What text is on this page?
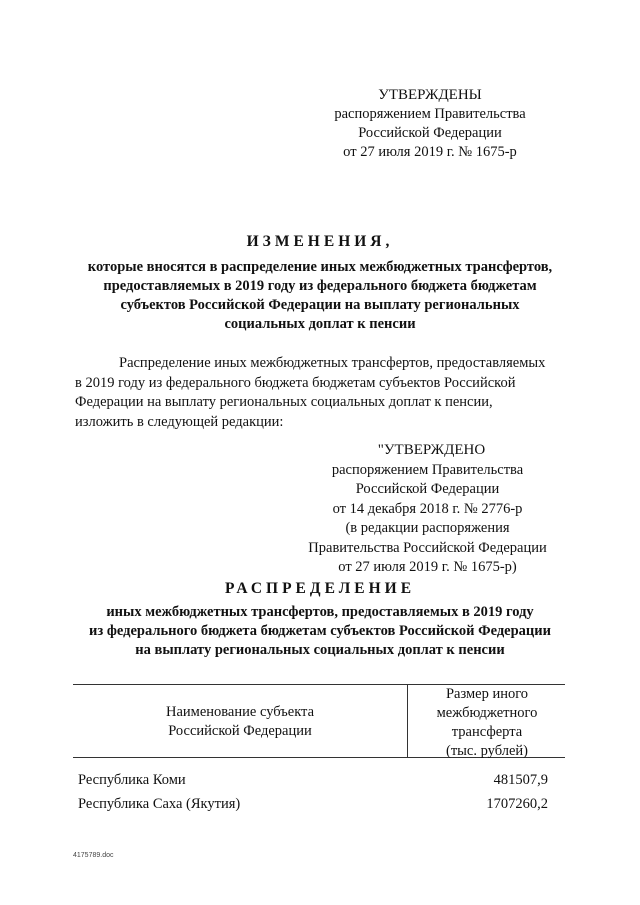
УТВЕРЖДЕНЫ
распоряжением Правительства
Российской Федерации
от 27 июля 2019 г. № 1675-р
ИЗМЕНЕНИЯ,
которые вносятся в распределение иных межбюджетных трансфертов,
предоставляемых в 2019 году из федерального бюджета бюджетам
субъектов Российской Федерации на выплату региональных
социальных доплат к пенсии
Распределение иных межбюджетных трансфертов, предоставляемых
в 2019 году из федерального бюджета бюджетам субъектов Российской
Федерации на выплату региональных социальных доплат к пенсии,
изложить в следующей редакции:
"УТВЕРЖДЕНО
распоряжением Правительства
Российской Федерации
от 14 декабря 2018 г. № 2776-р
(в редакции распоряжения
Правительства Российской Федерации
от 27 июля 2019 г. № 1675-р)
РАСПРЕДЕЛЕНИЕ
иных межбюджетных трансфертов, предоставляемых в 2019 году
из федерального бюджета бюджетам субъектов Российской Федерации
на выплату региональных социальных доплат к пенсии
Наименование субъекта
Российской Федерации
Размер иного
межбюджетного
трансферта
(тыс. рублей)
Республика Коми	481507,9
Республика Саха (Якутия)	1707260,2
4175789.doc
